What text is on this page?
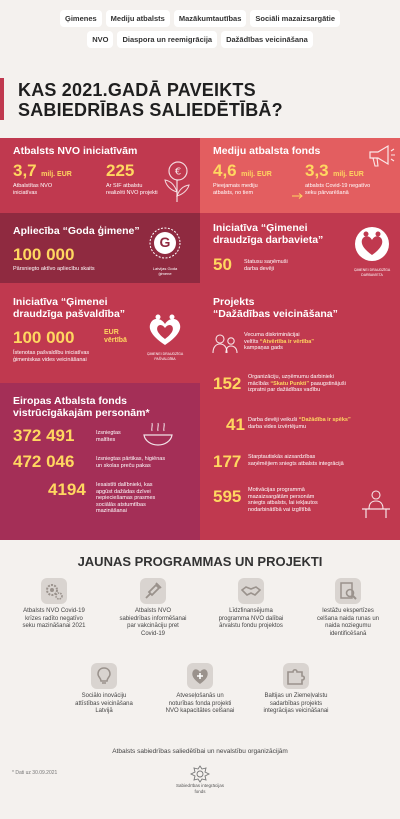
Ģimenes	Mediju atbalsts	Mazākumtautības	Sociāli mazaizsargātie
NVO	Diaspora un reemigrācija	Dažādības veicināšana
KAS 2021.GADĀ PAVEIKTS
SABIEDRĪBAS SALIEDĒTĪBĀ?
Atbalsts NVO iniciatīvām
3,7 milj. EUR
Atbalstītas NVO
iniciatīvas
225
Ar SIF atbalstu
realizēti NVO projekti
€
Mediju atbalsta fonds
4,6 milj. EUR
Pieejamais mediju
atbalsts, no tiem
3,3 milj. EUR
atbalsts Covid-19 negatīvo
seku pārvarēšanā
Apliecība “Goda ģimene”
100 000
Pārsniegto aktīvo apliecību skaits
G
Latvijas Goda
ģimene
Iniciatīva “Ģimenei
draudzīga darbavieta”
50 Statusu saņēmuši
darba devēji	ĢIMENEI DRAUDZĪGA
DARBAVIETA
Iniciatīva “Ģimenei
draudzīga pašvaldība”
100 000	EUR
vērtībā
Īstenotas pašvaldību iniciatīvas
ģimeniskas vides veicināšanai
ĢIMENEI DRAUDZĪGA
PAŠVALDĪBA
Eiropas Atbalsta fonds
vistrūcīgākajām personām*
372 491	Izsniegtas
maltītes
472 046	Izsniegtas pārtikas, higiēnas
un skolas preču pakas
4194 Iesaistīti dalībnieki, kas
apgūst dažādas dzīvei
nepieciešamas prasmes
sociālās atstumtības
mazināšanai
Projekts
“Dažādības veicināšana”
Vecuma diskriminācijai
veltīts “Atvērtība ir vērtība”
kampaņas gads
152 Organizāciju, uzņēmumu darbinieki
mācībās “Skatu Punkti” paaugstinājuši
izpratni par dažādības vadību
41 Darba devēji veikuši “Dažādība ir spēks”
darba vides izvērtējumu
177 Starptautiskās aizsardzības
saņēmējiem sniegts atbalsts integrācijā
595 Motivācijas programmā
mazaizsargātām personām
sniegts atbalsts, lai iekļautos
nodarbinātībā vai izglītībā
JAUNAS PROGRAMMAS UN PROJEKTI
Atbalsts NVO Covid-19
krīzes radīto negatīvo
seku mazināšanai 2021
Atbalsts NVO
sabiedrības informēšanai
par vakcināciju pret
Covid-19
Līdzfinansējuma
programma NVO dalībai
ārvalstu fondu projektos
Iestāžu ekspertīzes
celšana naida runas un
naida noziegumu
identificēšanā
Sociālo inovāciju
attīstības veicināšana
Latvijā
Atveseļošanās un
noturības fonda projekti
NVO kapacitātes celšanai
Baltijas un Ziemeļvalstu
sadarbības projekts
integrācijas veicināšanai
Atbalsts sabiedrības saliedētībai un nevalstību organizācijām
* Dati uz 30.09.2021
Sabiedrības integrācijas
fonds
